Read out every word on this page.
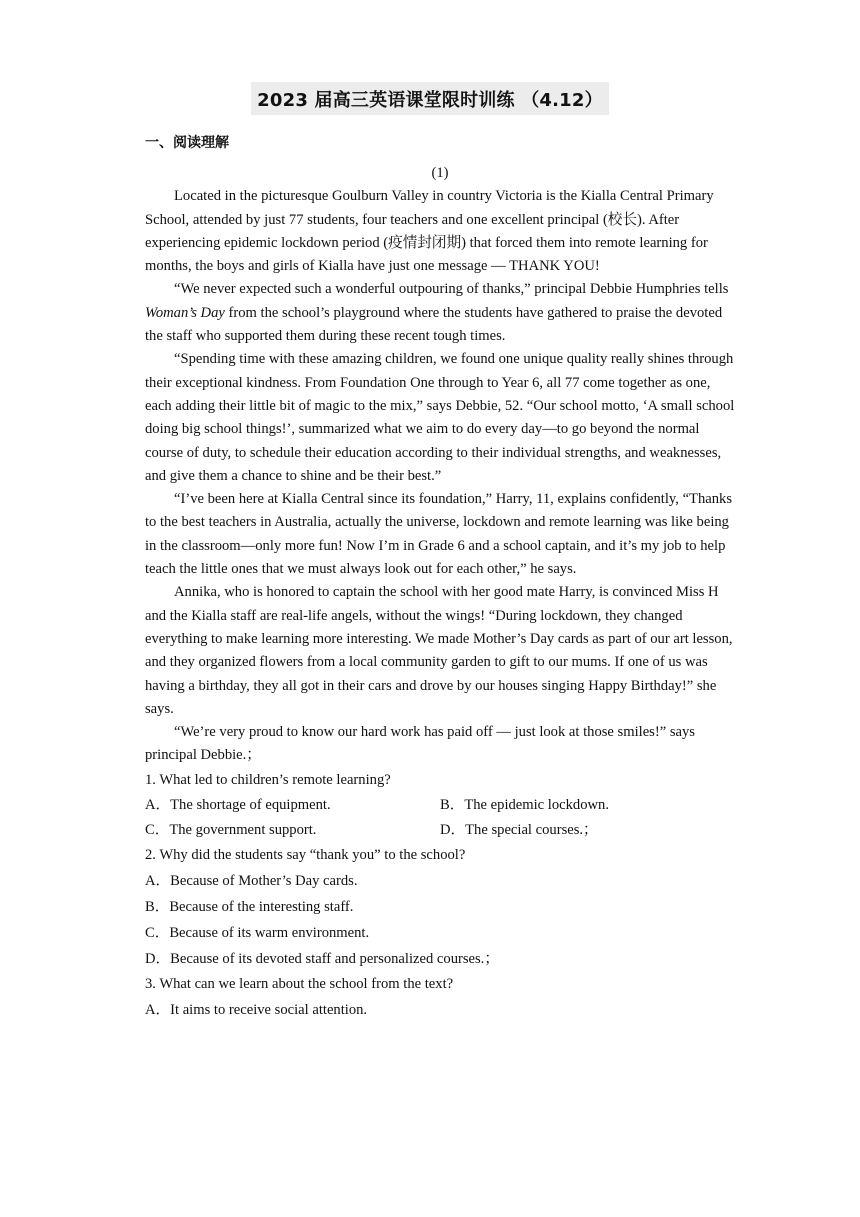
2023 届高三英语课堂限时训练 （4.12）
一、阅读理解
(1)

Located in the picturesque Goulburn Valley in country Victoria is the Kialla Central Primary School, attended by just 77 students, four teachers and one excellent principal (校长). After experiencing epidemic lockdown period (疫情封闭期) that forced them into remote learning for months, the boys and girls of Kialla have just one message — THANK YOU!

“We never expected such a wonderful outpouring of thanks,” principal Debbie Humphries tells Woman’s Day from the school’s playground where the students have gathered to praise the devoted the staff who supported them during these recent tough times.

“Spending time with these amazing children, we found one unique quality really shines through their exceptional kindness. From Foundation One through to Year 6, all 77 come together as one, each adding their little bit of magic to the mix,” says Debbie, 52. “Our school motto, ‘A small school doing big school things!’, summarized what we aim to do every day—to go beyond the normal course of duty, to schedule their education according to their individual strengths, and weaknesses, and give them a chance to shine and be their best.”

“I’ve been here at Kialla Central since its foundation,” Harry, 11, explains confidently, “Thanks to the best teachers in Australia, actually the universe, lockdown and remote learning was like being in the classroom—only more fun! Now I’m in Grade 6 and a school captain, and it’s my job to help teach the little ones that we must always look out for each other,” he says.

Annika, who is honored to captain the school with her good mate Harry, is convinced Miss H and the Kialla staff are real-life angels, without the wings! “During lockdown, they changed everything to make learning more interesting. We made Mother’s Day cards as part of our art lesson, and they organized flowers from a local community garden to gift to our mums. If one of us was having a birthday, they all got in their cars and drove by our houses singing Happy Birthday!” she says.

“We’re very proud to know our hard work has paid off — just look at those smiles!” says principal Debbie.；

1. What led to children’s remote learning?

A．The shortage of equipment.	B．The epidemic lockdown.
C．The government support.	D．The special courses.；

2. Why did the students say “thank you” to the school?

A．Because of Mother’s Day cards.

B．Because of the interesting staff.

C．Because of its warm environment.

D．Because of its devoted staff and personalized courses.；

3. What can we learn about the school from the text?

A．It aims to receive social attention.
